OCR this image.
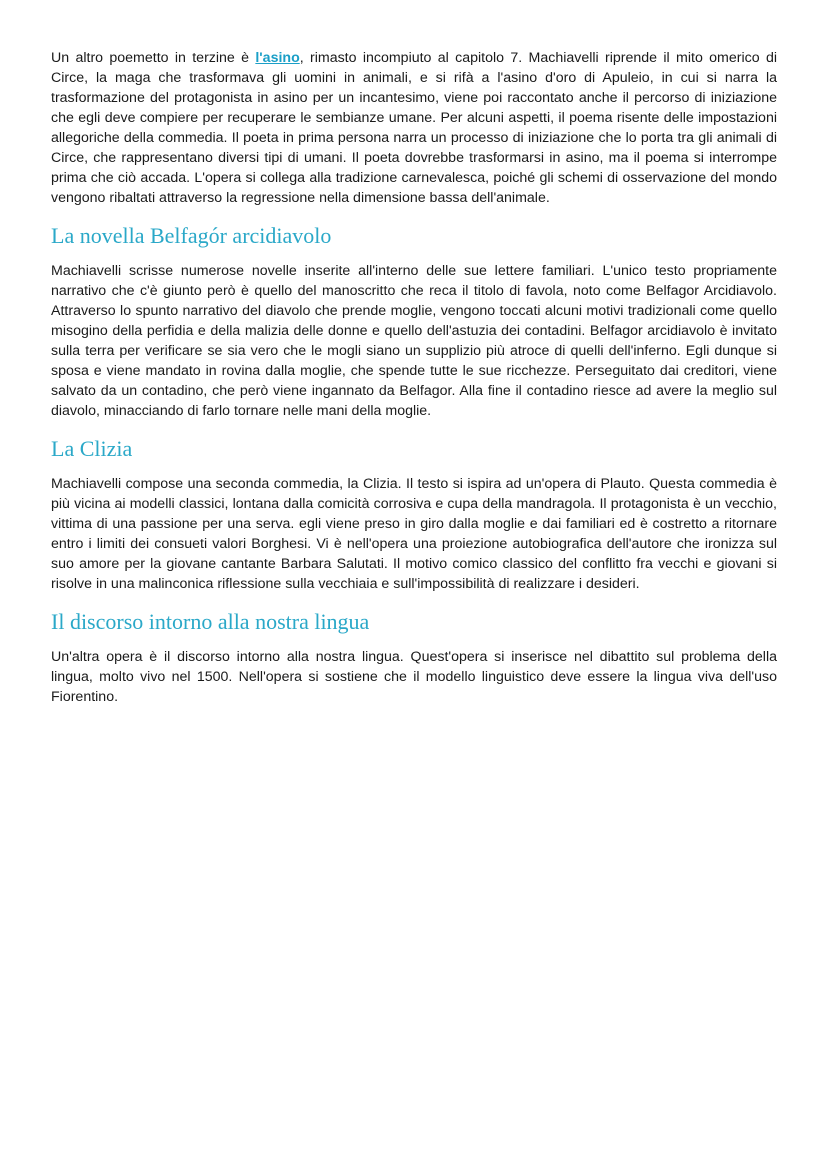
Un altro poemetto in terzine è l'asino, rimasto incompiuto al capitolo 7. Machiavelli riprende il mito omerico di Circe, la maga che trasformava gli uomini in animali, e si rifà a l'asino d'oro di Apuleio, in cui si narra la trasformazione del protagonista in asino per un incantesimo, viene poi raccontato anche il percorso di iniziazione che egli deve compiere per recuperare le sembianze umane. Per alcuni aspetti, il poema risente delle impostazioni allegoriche della commedia. Il poeta in prima persona narra un processo di iniziazione che lo porta tra gli animali di Circe, che rappresentano diversi tipi di umani. Il poeta dovrebbe trasformarsi in asino, ma il poema si interrompe prima che ciò accada. L'opera si collega alla tradizione carnevalesca, poiché gli schemi di osservazione del mondo vengono ribaltati attraverso la regressione nella dimensione bassa dell'animale.

La novella Belfagór arcidiavolo

Machiavelli scrisse numerose novelle inserite all'interno delle sue lettere familiari. L'unico testo propriamente narrativo che c'è giunto però è quello del manoscritto che reca il titolo di favola, noto come Belfagor Arcidiavolo. Attraverso lo spunto narrativo del diavolo che prende moglie, vengono toccati alcuni motivi tradizionali come quello misogino della perfidia e della malizia delle donne e quello dell'astuzia dei contadini. Belfagor arcidiavolo è invitato sulla terra per verificare se sia vero che le mogli siano un supplizio più atroce di quelli dell'inferno. Egli dunque si sposa e viene mandato in rovina dalla moglie, che spende tutte le sue ricchezze. Perseguitato dai creditori, viene salvato da un contadino, che però viene ingannato da Belfagor. Alla fine il contadino riesce ad avere la meglio sul diavolo, minacciando di farlo tornare nelle mani della moglie.

La Clizia

Machiavelli compose una seconda commedia, la Clizia. Il testo si ispira ad un'opera di Plauto. Questa commedia è più vicina ai modelli classici, lontana dalla comicità corrosiva e cupa della mandragola. Il protagonista è un vecchio, vittima di una passione per una serva. egli viene preso in giro dalla moglie e dai familiari ed è costretto a ritornare entro i limiti dei consueti valori Borghesi. Vi è nell'opera una proiezione autobiografica dell'autore che ironizza sul suo amore per la giovane cantante Barbara Salutati. Il motivo comico classico del conflitto fra vecchi e giovani si risolve in una malinconica riflessione sulla vecchiaia e sull'impossibilità di realizzare i desideri.

Il discorso intorno alla nostra lingua

Un'altra opera è il discorso intorno alla nostra lingua. Quest'opera si inserisce nel dibattito sul problema della lingua, molto vivo nel 1500. Nell'opera si sostiene che il modello linguistico deve essere la lingua viva dell'uso Fiorentino.
